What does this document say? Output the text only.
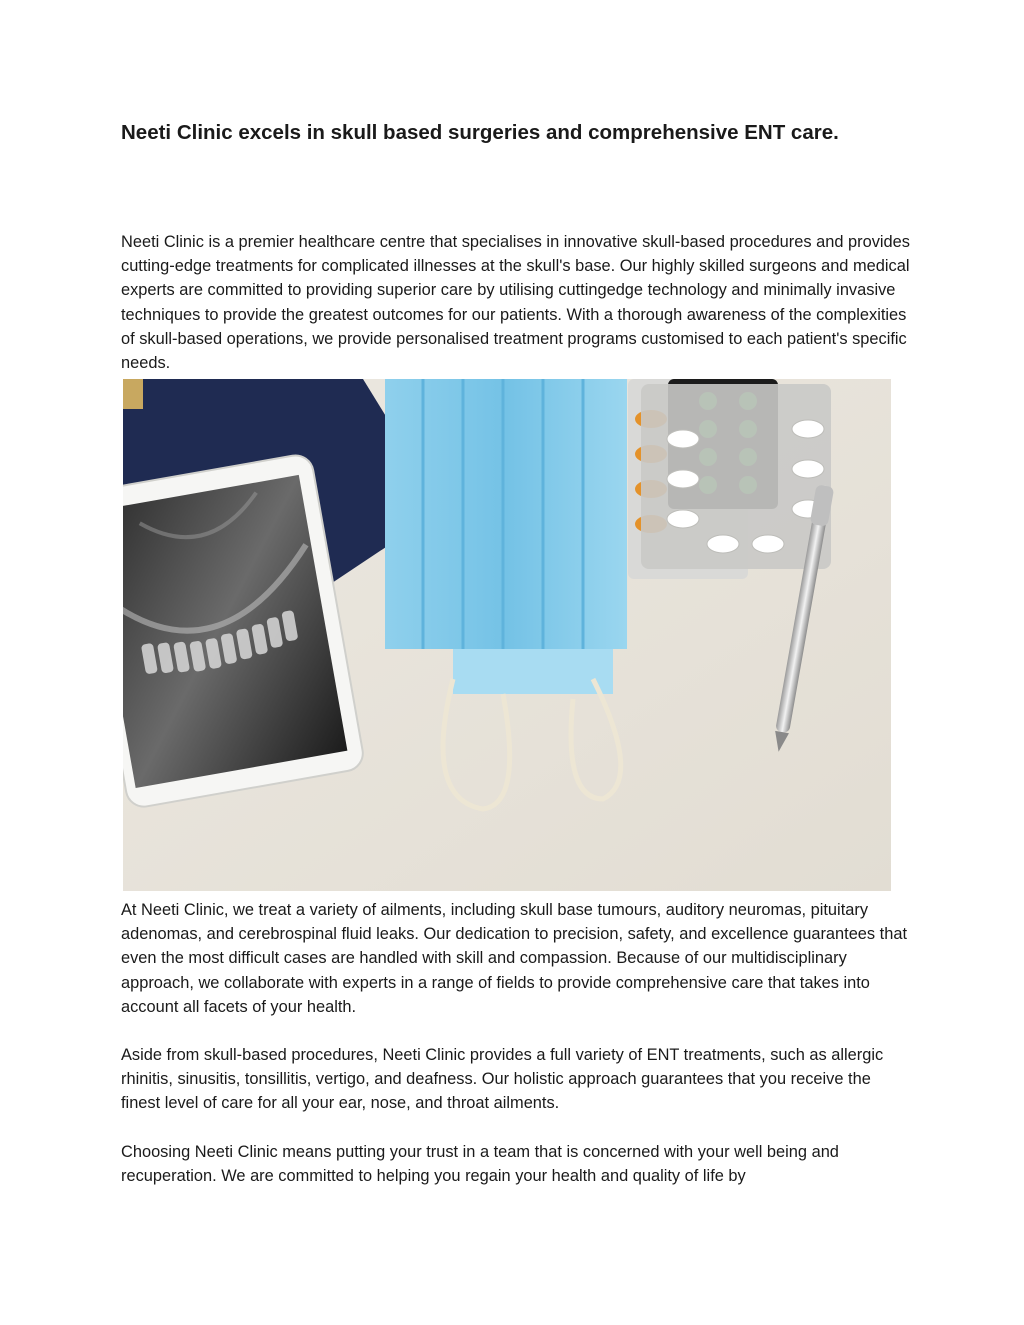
Neeti Clinic excels in skull based surgeries and comprehensive ENT care.

Neeti Clinic is a premier healthcare centre that specialises in innovative skull-based procedures and provides cutting-edge treatments for complicated illnesses at the skull's base. Our highly skilled surgeons and medical experts are committed to providing superior care by utilising cuttingedge technology and minimally invasive techniques to provide the greatest outcomes for our patients. With a thorough awareness of the complexities of skull-based operations, we provide personalised treatment programs customised to each patient's specific needs.

At Neeti Clinic, we treat a variety of ailments, including skull base tumours, auditory neuromas, pituitary adenomas, and cerebrospinal fluid leaks. Our dedication to precision, safety, and excellence guarantees that even the most difficult cases are handled with skill and compassion. Because of our multidisciplinary approach, we collaborate with experts in a range of fields to provide comprehensive care that takes into account all facets of your health.

Aside from skull-based procedures, Neeti Clinic provides a full variety of ENT treatments, such as allergic rhinitis, sinusitis, tonsillitis, vertigo, and deafness. Our holistic approach guarantees that you receive the finest level of care for all your ear, nose, and throat ailments.

Choosing Neeti Clinic means putting your trust in a team that is concerned with your well being and recuperation. We are committed to helping you regain your health and quality of life by
